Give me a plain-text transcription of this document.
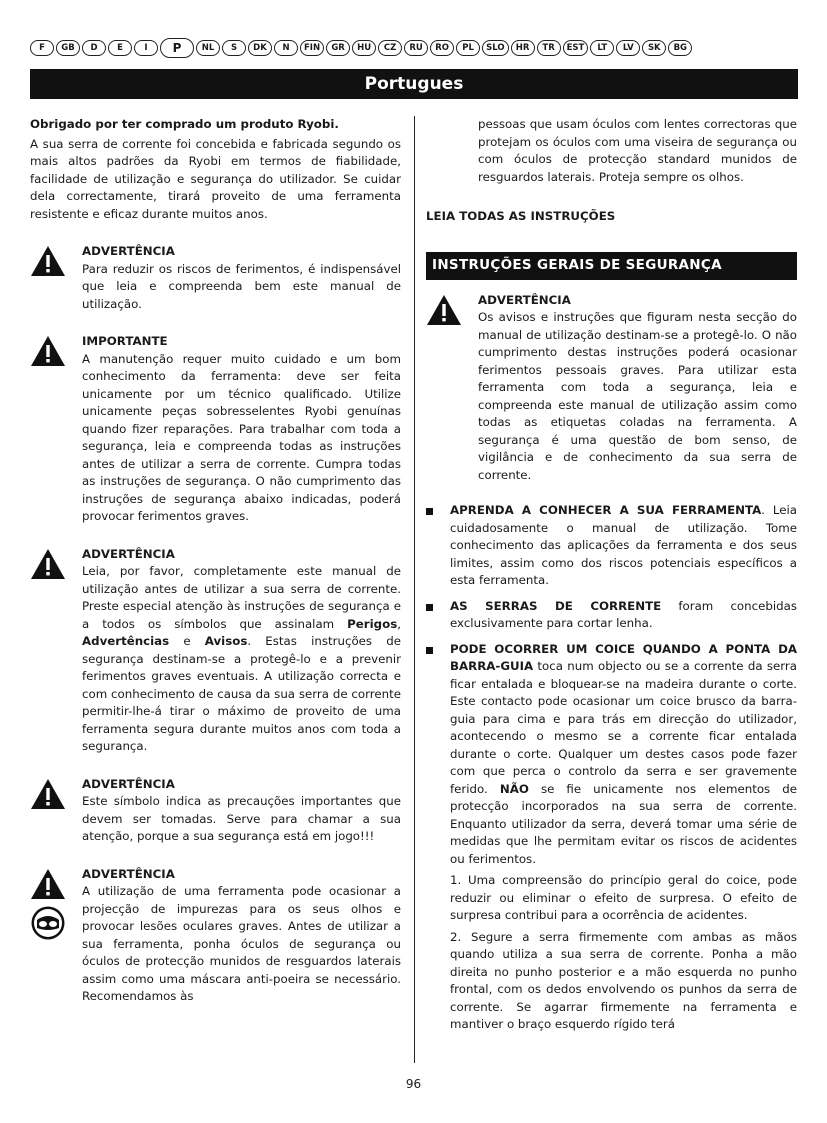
F	GB	D	E	I	P	NL	S	DK	N	FIN	GR	HU	CZ	RU	RO	PL	SLO	HR	TR	EST	LT	LV	SK	BG
Portugues
Obrigado por ter comprado um produto Ryobi.

A sua serra de corrente foi concebida e fabricada segundo os mais altos padrões da Ryobi em termos de fiabilidade, facilidade de utilização e segurança do utilizador. Se cuidar dela correctamente, tirará proveito de uma ferramenta resistente e eficaz durante muitos anos.

ADVERTÊNCIA
Para reduzir os riscos de ferimentos, é indispensável que leia e compreenda bem este manual de utilização.
IMPORTANTE
A manutenção requer muito cuidado e um bom conhecimento da ferramenta: deve ser feita unicamente por um técnico qualificado. Utilize unicamente peças sobresselentes Ryobi genuínas quando fizer reparações. Para trabalhar com toda a segurança, leia e compreenda todas as instruções antes de utilizar a serra de corrente. Cumpra todas as instruções de segurança. O não cumprimento das instruções de segurança abaixo indicadas, poderá provocar ferimentos graves.
ADVERTÊNCIA
Leia, por favor, completamente este manual de utilização antes de utilizar a sua serra de corrente. Preste especial atenção às instruções de segurança e a todos os símbolos que assinalam Perigos, Advertências e Avisos. Estas instruções de segurança destinam-se a protegê-lo e a prevenir ferimentos graves eventuais. A utilização correcta e com conhecimento de causa da sua serra de corrente permitir-lhe-á tirar o máximo de proveito de uma ferramenta segura durante muitos anos com toda a segurança.
ADVERTÊNCIA
Este símbolo indica as precauções importantes que devem ser tomadas. Serve para chamar a sua atenção, porque a sua segurança está em jogo!!!
ADVERTÊNCIA
A utilização de uma ferramenta pode ocasionar a projecção de impurezas para os seus olhos e provocar lesões oculares graves. Antes de utilizar a sua ferramenta, ponha óculos de segurança ou óculos de protecção munidos de resguardos laterais assim como uma máscara anti-poeira se necessário. Recomendamos às
pessoas que usam óculos com lentes correctoras que protejam os óculos com uma viseira de segurança ou com óculos de protecção standard munidos de resguardos laterais. Proteja sempre os olhos.
LEIA TODAS AS INSTRUÇÕES
INSTRUÇÕES GERAIS DE SEGURANÇA
ADVERTÊNCIA
Os avisos e instruções que figuram nesta secção do manual de utilização destinam-se a protegê-lo. O não cumprimento destas instruções poderá ocasionar ferimentos pessoais graves. Para utilizar esta ferramenta com toda a segurança, leia e compreenda este manual de utilização assim como todas as etiquetas coladas na ferramenta. A segurança é uma questão de bom senso, de vigilância e de conhecimento da sua serra de corrente.
APRENDA A CONHECER A SUA FERRAMENTA. Leia cuidadosamente o manual de utilização. Tome conhecimento das aplicações da ferramenta e dos seus limites, assim como dos riscos potenciais específicos a esta ferramenta.
AS SERRAS DE CORRENTE foram concebidas exclusivamente para cortar lenha.
PODE OCORRER UM COICE QUANDO A PONTA DA BARRA-GUIA toca num objecto ou se a corrente da serra ficar entalada e bloquear-se na madeira durante o corte. Este contacto pode ocasionar um coice brusco da barra-guia para cima e para trás em direcção do utilizador, acontecendo o mesmo se a corrente ficar entalada durante o corte. Qualquer um destes casos pode fazer com que perca o controlo da serra e ser gravemente ferido. NÃO se fie unicamente nos elementos de protecção incorporados na sua serra de corrente. Enquanto utilizador da serra, deverá tomar uma série de medidas que lhe permitam evitar os riscos de acidentes ou ferimentos.
1. Uma compreensão do princípio geral do coice, pode reduzir ou eliminar o efeito de surpresa. O efeito de surpresa contribui para a ocorrência de acidentes.
2. Segure a serra firmemente com ambas as mãos quando utiliza a sua serra de corrente. Ponha a mão direita no punho posterior e a mão esquerda no punho frontal, com os dedos envolvendo os punhos da serra de corrente. Se agarrar firmemente na ferramenta e mantiver o braço esquerdo rígido terá
96
